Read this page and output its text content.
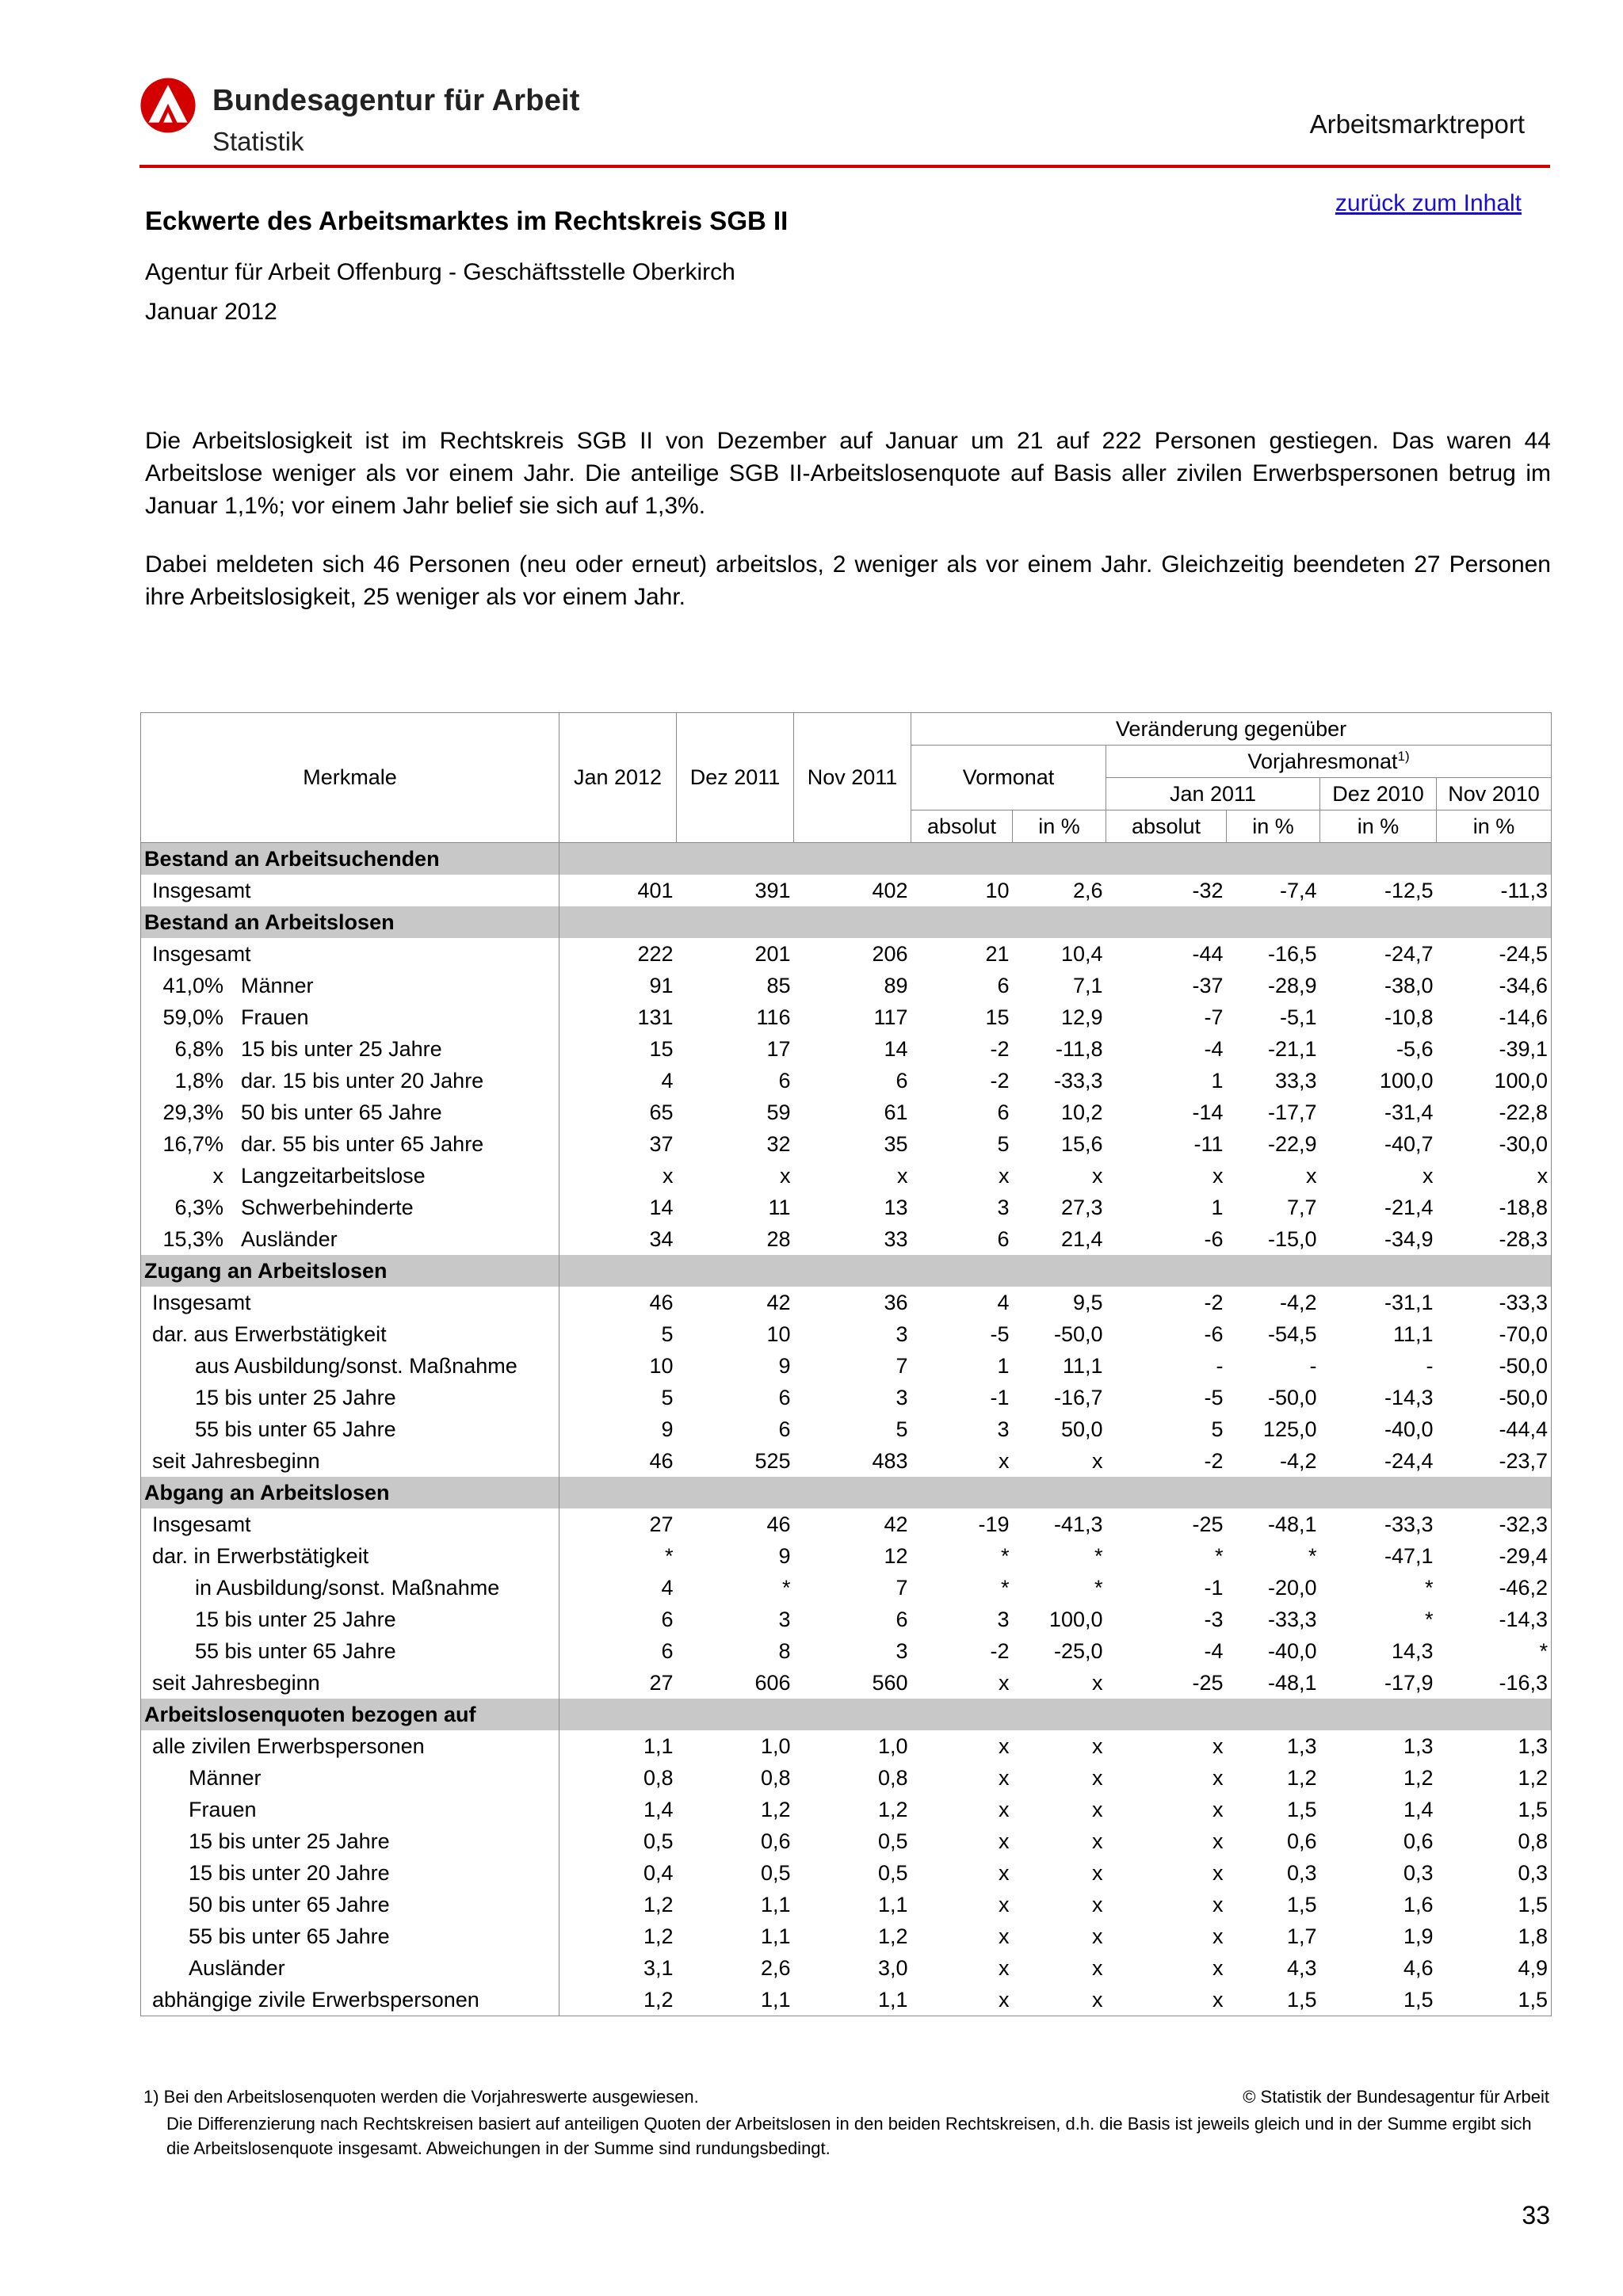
Bundesagentur für Arbeit
Statistik
Arbeitsmarktreport
zurück zum Inhalt
Eckwerte des Arbeitsmarktes im Rechtskreis SGB II
Agentur für Arbeit Offenburg - Geschäftsstelle Oberkirch
Januar 2012
Die Arbeitslosigkeit ist im Rechtskreis SGB II von Dezember auf Januar um 21 auf 222 Personen gestiegen. Das waren 44 Arbeitslose weniger als vor einem Jahr. Die anteilige SGB II-Arbeitslosenquote auf Basis aller zivilen Erwerbspersonen betrug im Januar 1,1%; vor einem Jahr belief sie sich auf 1,3%.
Dabei meldeten sich 46 Personen (neu oder erneut) arbeitslos, 2 weniger als vor einem Jahr. Gleichzeitig beendeten 27 Personen ihre Arbeitslosigkeit, 25 weniger als vor einem Jahr.
Merkmale	Jan 2012	Dez 2011	Nov 2011	Veränderung gegenüber					
				Vormonat		Vorjahresmonat$^{1)}$
						Jan 2011		Dez 2010	Nov 2010
				absolut	in %	absolut	in %	in %	in %
Bestand an Arbeitsuchenden									
Insgesamt	401	391	402	10	2,6	-32	-7,4	-12,5	-11,3
Bestand an Arbeitslosen									
Insgesamt	222	201	206	21	10,4	-44	-16,5	-24,7	-24,5
41,0% Männer	91	85	89	6	7,1	-37	-28,9	-38,0	-34,6
59,0% Frauen	131	116	117	15	12,9	-7	-5,1	-10,8	-14,6
6,8% 15 bis unter 25 Jahre	15	17	14	-2	-11,8	-4	-21,1	-5,6	-39,1
1,8% dar. 15 bis unter 20 Jahre	4	6	6	-2	-33,3	1	33,3	100,0	100,0
29,3% 50 bis unter 65 Jahre	65	59	61	6	10,2	-14	-17,7	-31,4	-22,8
16,7% dar. 55 bis unter 65 Jahre	37	32	35	5	15,6	-11	-22,9	-40,7	-30,0
x Langzeitarbeitslose	x	x	x	x	x	x	x	x	x
6,3% Schwerbehinderte	14	11	13	3	27,3	1	7,7	-21,4	-18,8
15,3% Ausländer	34	28	33	6	21,4	-6	-15,0	-34,9	-28,3
Zugang an Arbeitslosen									
Insgesamt	46	42	36	4	9,5	-2	-4,2	-31,1	-33,3
dar. aus Erwerbstätigkeit	5	10	3	-5	-50,0	-6	-54,5	11,1	-70,0
aus Ausbildung/sonst. Maßnahme	10	9	7	1	11,1	-	-	-	-50,0
15 bis unter 25 Jahre	5	6	3	-1	-16,7	-5	-50,0	-14,3	-50,0
55 bis unter 65 Jahre	9	6	5	3	50,0	5	125,0	-40,0	-44,4
seit Jahresbeginn	46	525	483	x	x	-2	-4,2	-24,4	-23,7
Abgang an Arbeitslosen									
Insgesamt	27	46	42	-19	-41,3	-25	-48,1	-33,3	-32,3
dar. in Erwerbstätigkeit	*	9	12	*	*	*	*	-47,1	-29,4
in Ausbildung/sonst. Maßnahme	4	*	7	*	*	-1	-20,0	*	-46,2
15 bis unter 25 Jahre	6	3	6	3	100,0	-3	-33,3	*	-14,3
55 bis unter 65 Jahre	6	8	3	-2	-25,0	-4	-40,0	14,3	*
seit Jahresbeginn	27	606	560	x	x	-25	-48,1	-17,9	-16,3
Arbeitslosenquoten bezogen auf									
alle zivilen Erwerbspersonen	1,1	1,0	1,0	x	x	x	1,3	1,3	1,3
Männer	0,8	0,8	0,8	x	x	x	1,2	1,2	1,2
Frauen	1,4	1,2	1,2	x	x	x	1,5	1,4	1,5
15 bis unter 25 Jahre	0,5	0,6	0,5	x	x	x	0,6	0,6	0,8
15 bis unter 20 Jahre	0,4	0,5	0,5	x	x	x	0,3	0,3	0,3
50 bis unter 65 Jahre	1,2	1,1	1,1	x	x	x	1,5	1,6	1,5
55 bis unter 65 Jahre	1,2	1,1	1,2	x	x	x	1,7	1,9	1,8
Ausländer	3,1	2,6	3,0	x	x	x	4,3	4,6	4,9
abhängige zivile Erwerbspersonen	1,2	1,1	1,1	x	x	x	1,5	1,5	1,5
1) Bei den Arbeitslosenquoten werden die Vorjahreswerte ausgewiesen.	© Statistik der Bundesagentur für Arbeit
Die Differenzierung nach Rechtskreisen basiert auf anteiligen Quoten der Arbeitslosen in den beiden Rechtskreisen, d.h. die Basis ist jeweils gleich und in der Summe ergibt sich die Arbeitslosenquote insgesamt. Abweichungen in der Summe sind rundungsbedingt.
33
